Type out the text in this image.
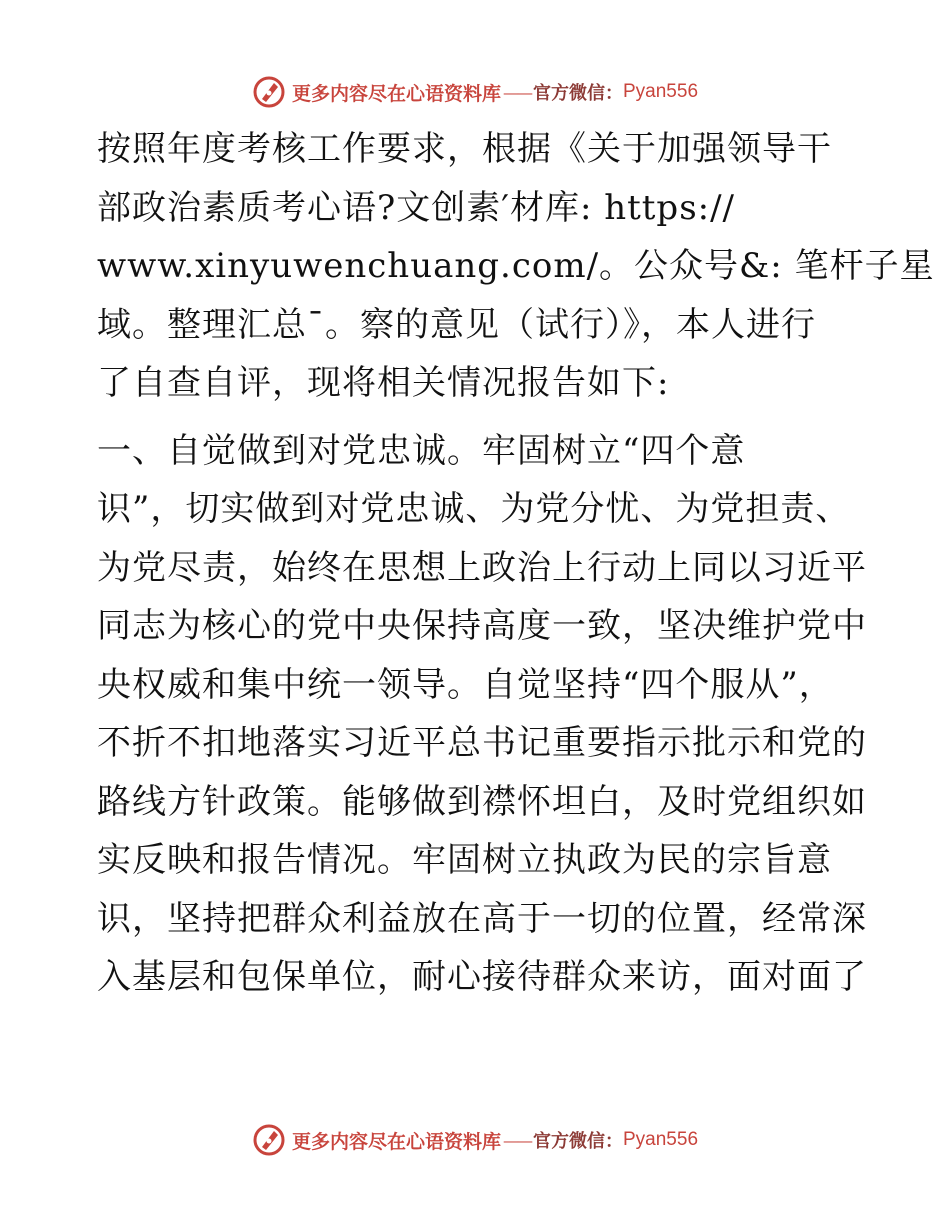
更多内容尽在心语资料库 —— 官方微信： Pyan556
按照年度考核工作要求，根据《关于加强领导干
部政治素质考心语?文创素′材库: https://
www.xinyuwenchuang.com/。公众号&: 笔杆子星
域。整理汇总¯。察的意见（试行）》，本人进行
了自查自评，现将相关情况报告如下:
一、自觉做到对党忠诚。牢固树立“四个意
识”，切实做到对党忠诚、为党分忧、为党担责、
为党尽责，始终在思想上政治上行动上同以习近平
同志为核心的党中央保持高度一致，坚决维护党中
央权威和集中统一领导。自觉坚持“四个服从”，
不折不扣地落实习近平总书记重要指示批示和党的
路线方针政策。能够做到襟怀坦白，及时党组织如
实反映和报告情况。牢固树立执政为民的宗旨意
识，坚持把群众利益放在高于一切的位置，经常深
入基层和包保单位，耐心接待群众来访，面对面了
更多内容尽在心语资料库 —— 官方微信： Pyan556
